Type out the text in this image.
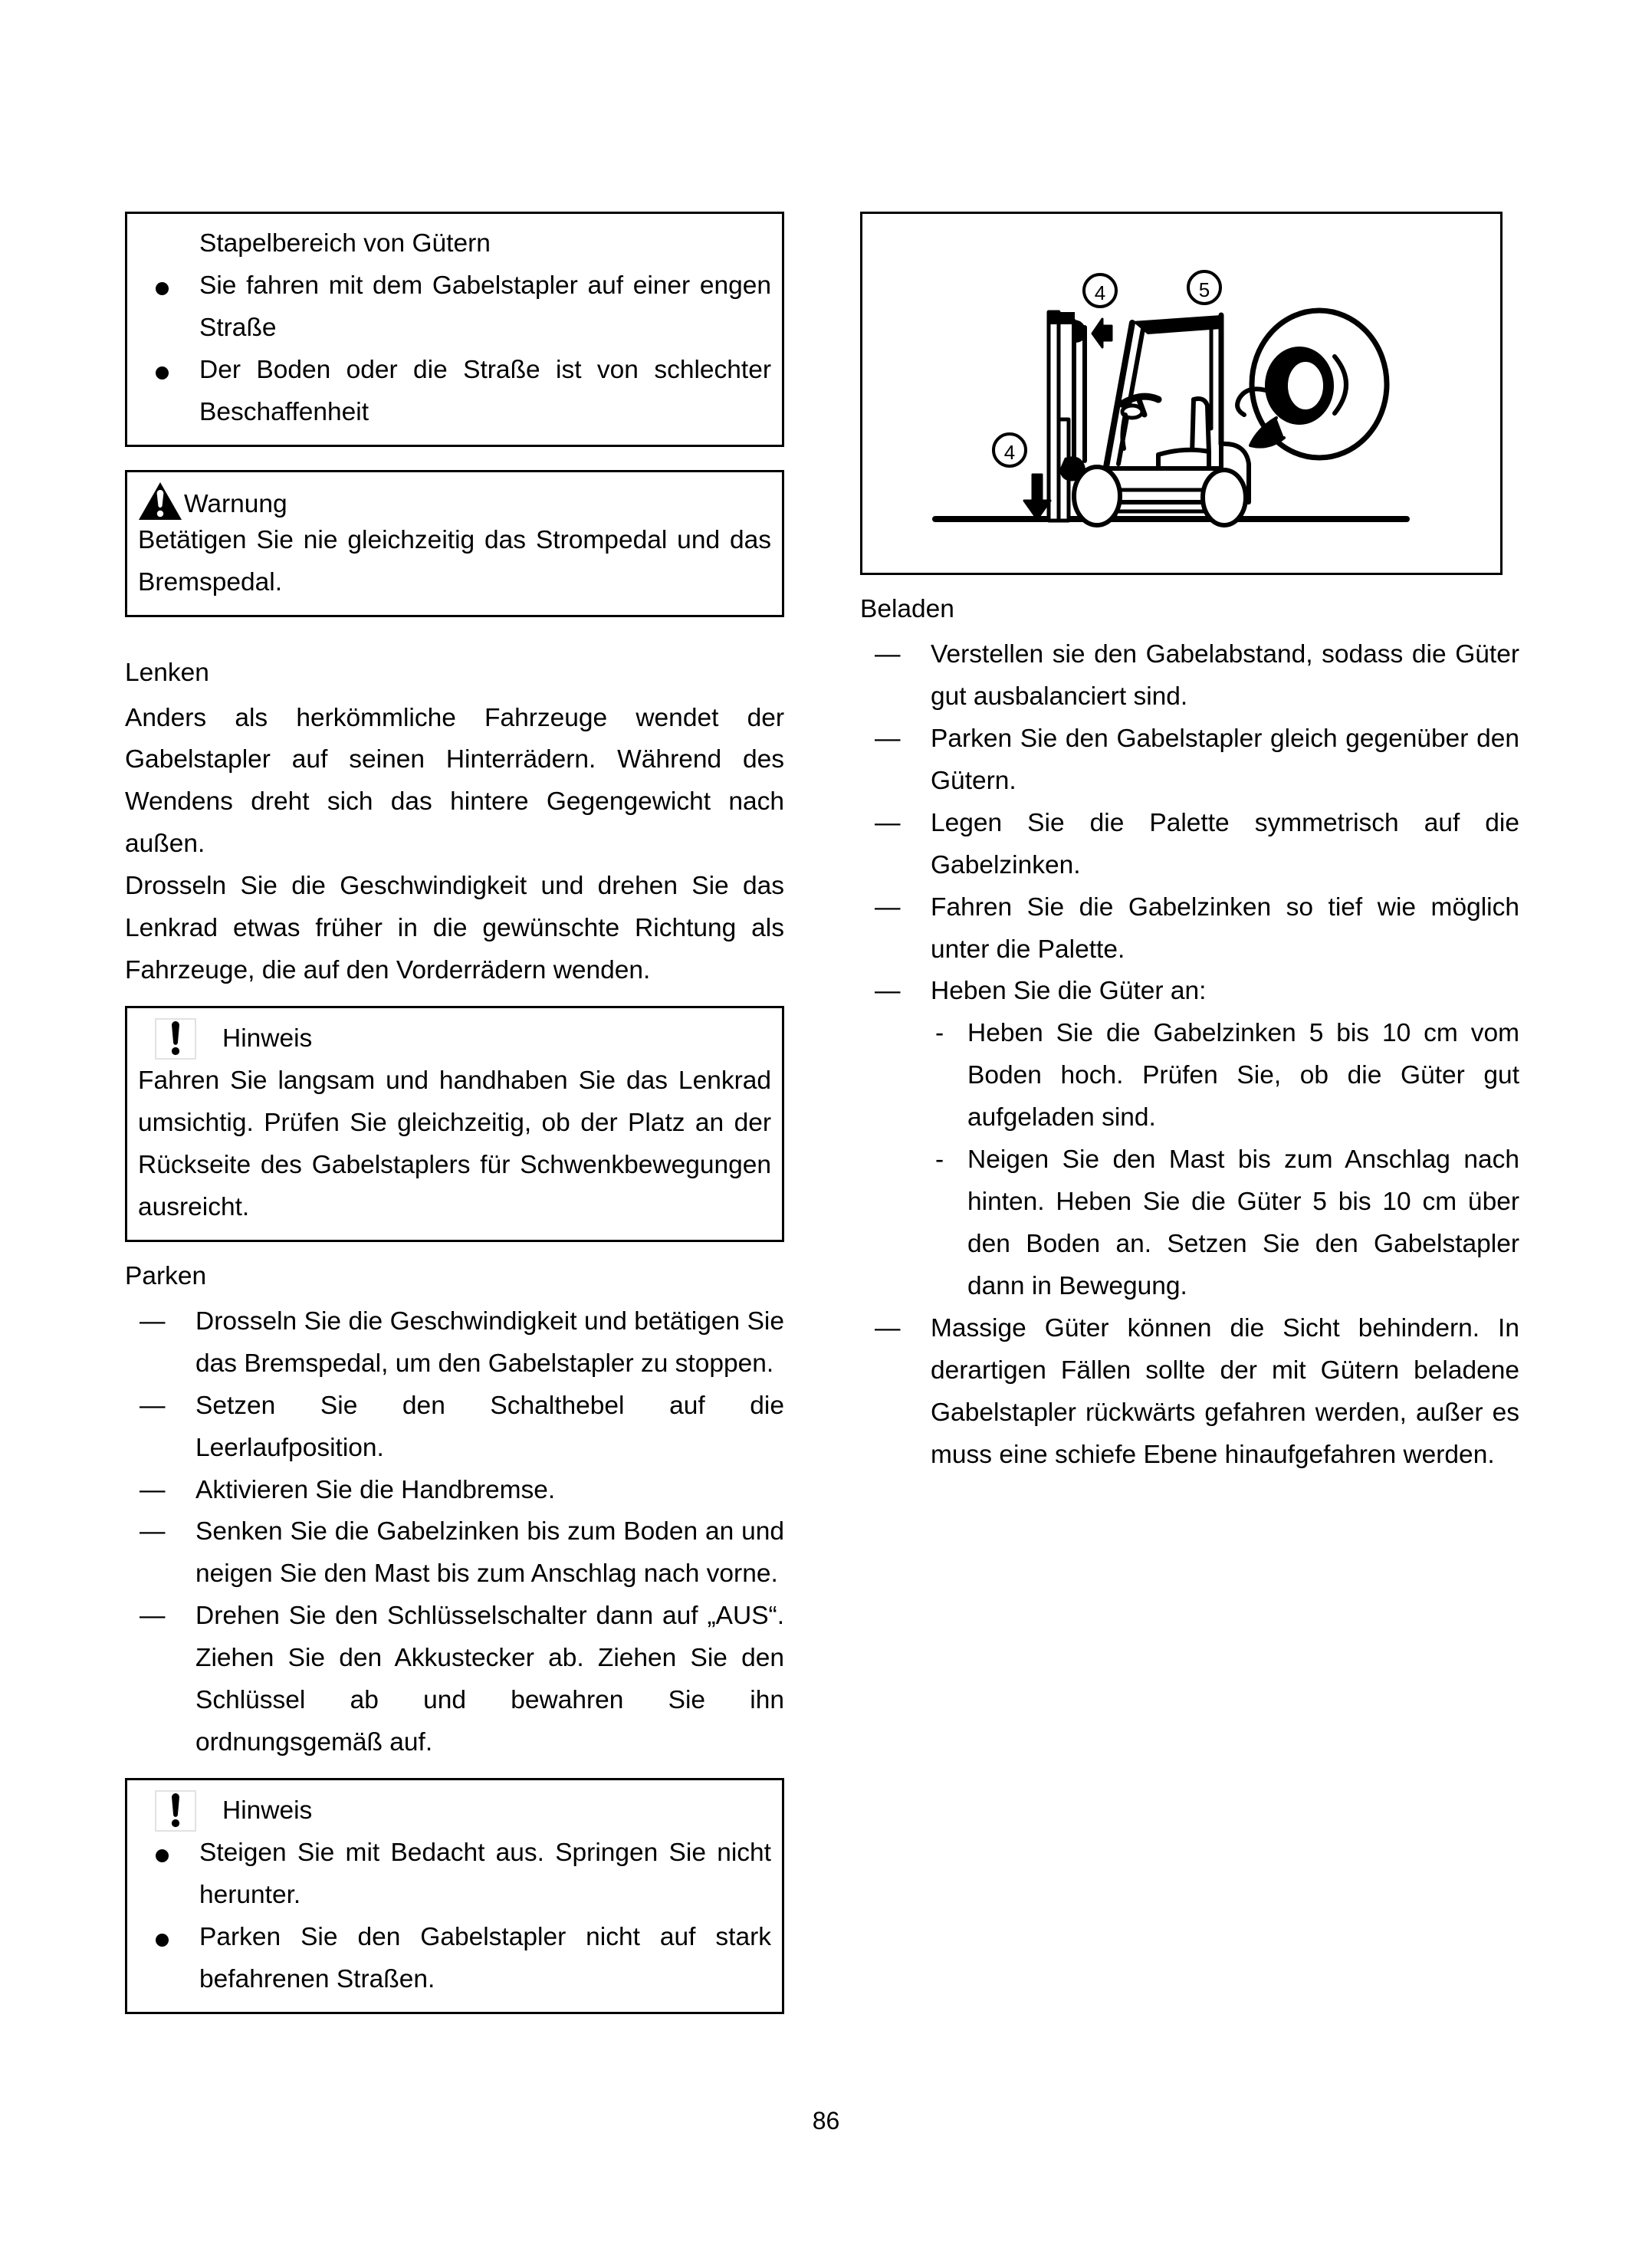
Stapelbereich von Gütern
Sie fahren mit dem Gabelstapler auf einer engen Straße
Der Boden oder die Straße ist von schlechter Beschaffenheit
Warnung
Betätigen Sie nie gleichzeitig das Strompedal und das Bremspedal.
Lenken
Anders als herkömmliche Fahrzeuge wendet der Gabelstapler auf seinen Hinterrädern. Während des Wendens dreht sich das hintere Gegengewicht nach außen.
Drosseln Sie die Geschwindigkeit und drehen Sie das Lenkrad etwas früher in die gewünschte Richtung als Fahrzeuge, die auf den Vorderrädern wenden.
Hinweis
Fahren Sie langsam und handhaben Sie das Lenkrad umsichtig. Prüfen Sie gleichzeitig, ob der Platz an der Rückseite des Gabelstaplers für Schwenkbewegungen ausreicht.
Parken
— Drosseln Sie die Geschwindigkeit und betätigen Sie das Bremspedal, um den Gabelstapler zu stoppen.
— Setzen Sie den Schalthebel auf die Leerlaufposition.
— Aktivieren Sie die Handbremse.
— Senken Sie die Gabelzinken bis zum Boden an und neigen Sie den Mast bis zum Anschlag nach vorne.
— Drehen Sie den Schlüsselschalter dann auf „AUS“. Ziehen Sie den Akkustecker ab. Ziehen Sie den Schlüssel ab und bewahren Sie ihn ordnungsgemäß auf.
Hinweis
Steigen Sie mit Bedacht aus. Springen Sie nicht herunter.
Parken Sie den Gabelstapler nicht auf stark befahrenen Straßen.
4	5
4
Beladen
— Verstellen sie den Gabelabstand, sodass die Güter gut ausbalanciert sind.
— Parken Sie den Gabelstapler gleich gegenüber den Gütern.
— Legen Sie die Palette symmetrisch auf die Gabelzinken.
— Fahren Sie die Gabelzinken so tief wie möglich unter die Palette.
— Heben Sie die Güter an:
- Heben Sie die Gabelzinken 5 bis 10 cm vom Boden hoch. Prüfen Sie, ob die Güter gut aufgeladen sind.
- Neigen Sie den Mast bis zum Anschlag nach hinten. Heben Sie die Güter 5 bis 10 cm über den Boden an. Setzen Sie den Gabelstapler dann in Bewegung.
— Massige Güter können die Sicht behindern. In derartigen Fällen sollte der mit Gütern beladene Gabelstapler rückwärts gefahren werden, außer es muss eine schiefe Ebene hinaufgefahren werden.
86
